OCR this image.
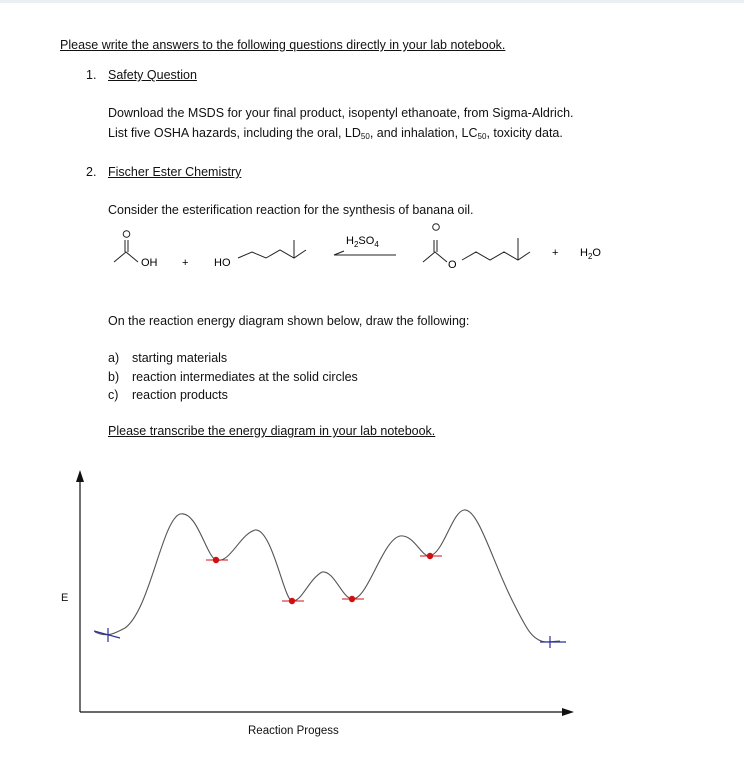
Please write the answers to the following questions directly in your lab notebook.
1. Safety Question
Download the MSDS for your final product, isopentyl ethanoate, from Sigma-Aldrich.
List five OSHA hazards, including the oral, $LD_{50}$, and inhalation, $LC_{50}$, toxicity data.
2. Fischer Ester Chemistry
Consider the esterification reaction for the synthesis of banana oil.
OH + HO
$H_2SO_4$
O
+ $H_2O$
On the reaction energy diagram shown below, draw the following:
a) starting materials
b) reaction intermediates at the solid circles
c) reaction products
Please transcribe the energy diagram in your lab notebook.
E
Reaction Progess
